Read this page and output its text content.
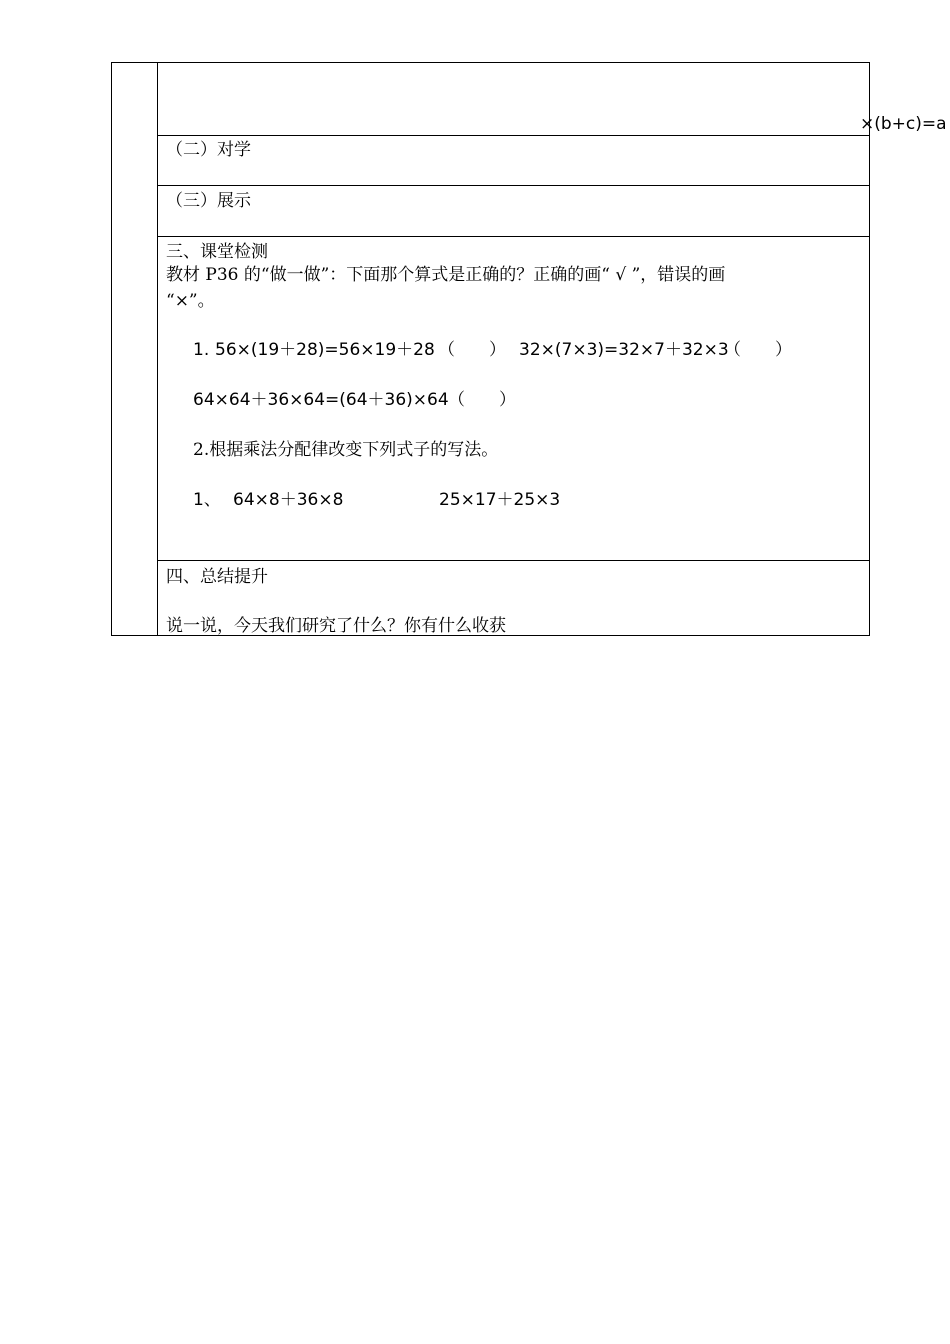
×(b+c)=a
（二）对学
（三）展示
三、课堂检测
教材 P36 的“做一做”：下面那个算式是正确的？正确的画“ √ ”，错误的画
“×”。
1. 56×(19＋28)=56×19＋28 （　　） 32×(7×3)=32×7＋32×3
（　　）
64×64＋36×64=(64＋36)×64 （　　）
2.根据乘法分配律改变下列式子的写法。
1、 64×8＋36×8	25×17＋25×3
四、总结提升
说一说，今天我们研究了什么？你有什么收获
